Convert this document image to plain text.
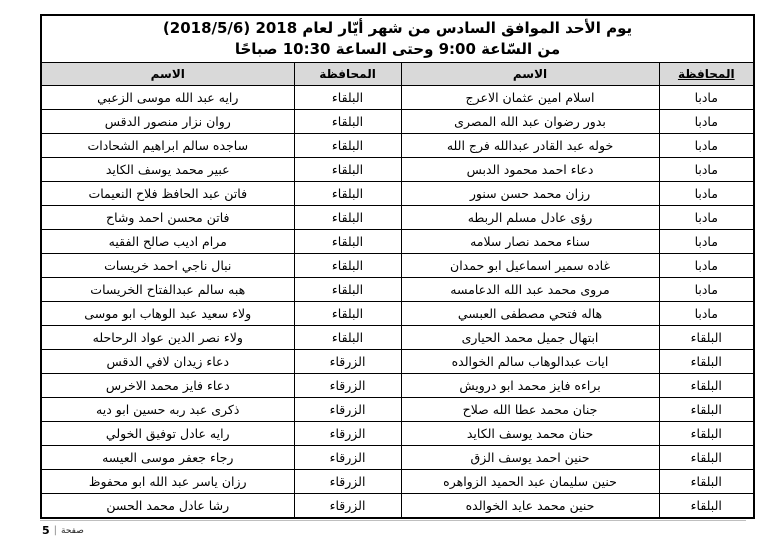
يوم الأحد الموافق السادس من شهر أيّار لعام 2018 (2018/5/6)
من السّاعة 9:00 وحتى الساعة 10:30 صباحًا			

المحافظة	الاسم	المحافظة	الاسم
مادبا	اسلام امين عثمان الاعرج	البلقاء	رايه عبد الله موسى الزعبي
مادبا	بدور رضوان عبد الله المصرى	البلقاء	روان نزار منصور الدقس
مادبا	خوله عبد القادر عبدالله فرج الله	البلقاء	ساجده سالم ابراهيم الشحادات
مادبا	دعاء احمد محمود الدبس	البلقاء	عبير محمد يوسف الكايد
مادبا	رزان محمد حسن سنور	البلقاء	فاتن عبد الحافظ فلاح النعيمات
مادبا	رؤى عادل مسلم الربطه	البلقاء	فاتن محسن احمد وشاح
مادبا	سناء محمد نصار سلامه	البلقاء	مرام اديب صالح الفقيه
مادبا	غاده سمير اسماعيل ابو حمدان	البلقاء	نبال ناجي احمد خريسات
مادبا	مروى محمد عبد الله الدعامسه	البلقاء	هبه سالم عبدالفتاح الخريسات
مادبا	هاله فتحي مصطفى العبسي	البلقاء	ولاء سعيد عبد الوهاب ابو موسى
البلقاء	ابتهال جميل محمد الحيارى	البلقاء	ولاء نصر الدين عواد الرحاحله
البلقاء	ايات عبدالوهاب سالم الخوالده	الزرقاء	دعاء زيدان لافي الدقس
البلقاء	براءه فايز محمد ابو درويش	الزرقاء	دعاء فايز محمد الاخرس
البلقاء	جنان محمد عطا الله صلاح	الزرقاء	ذكرى عبد ربه حسين ابو ديه
البلقاء	حنان محمد يوسف الكايد	الزرقاء	رايه عادل توفيق الخولي
البلقاء	حنين احمد يوسف الزق	الزرقاء	رجاء جعفر موسى العيسه
البلقاء	حنين سليمان عبد الحميد الزواهره	الزرقاء	رزان ياسر عبد الله ابو محفوظ
البلقاء	حنين محمد عايد الخوالده	الزرقاء	رشا عادل محمد الحسن
5 | صفحة
